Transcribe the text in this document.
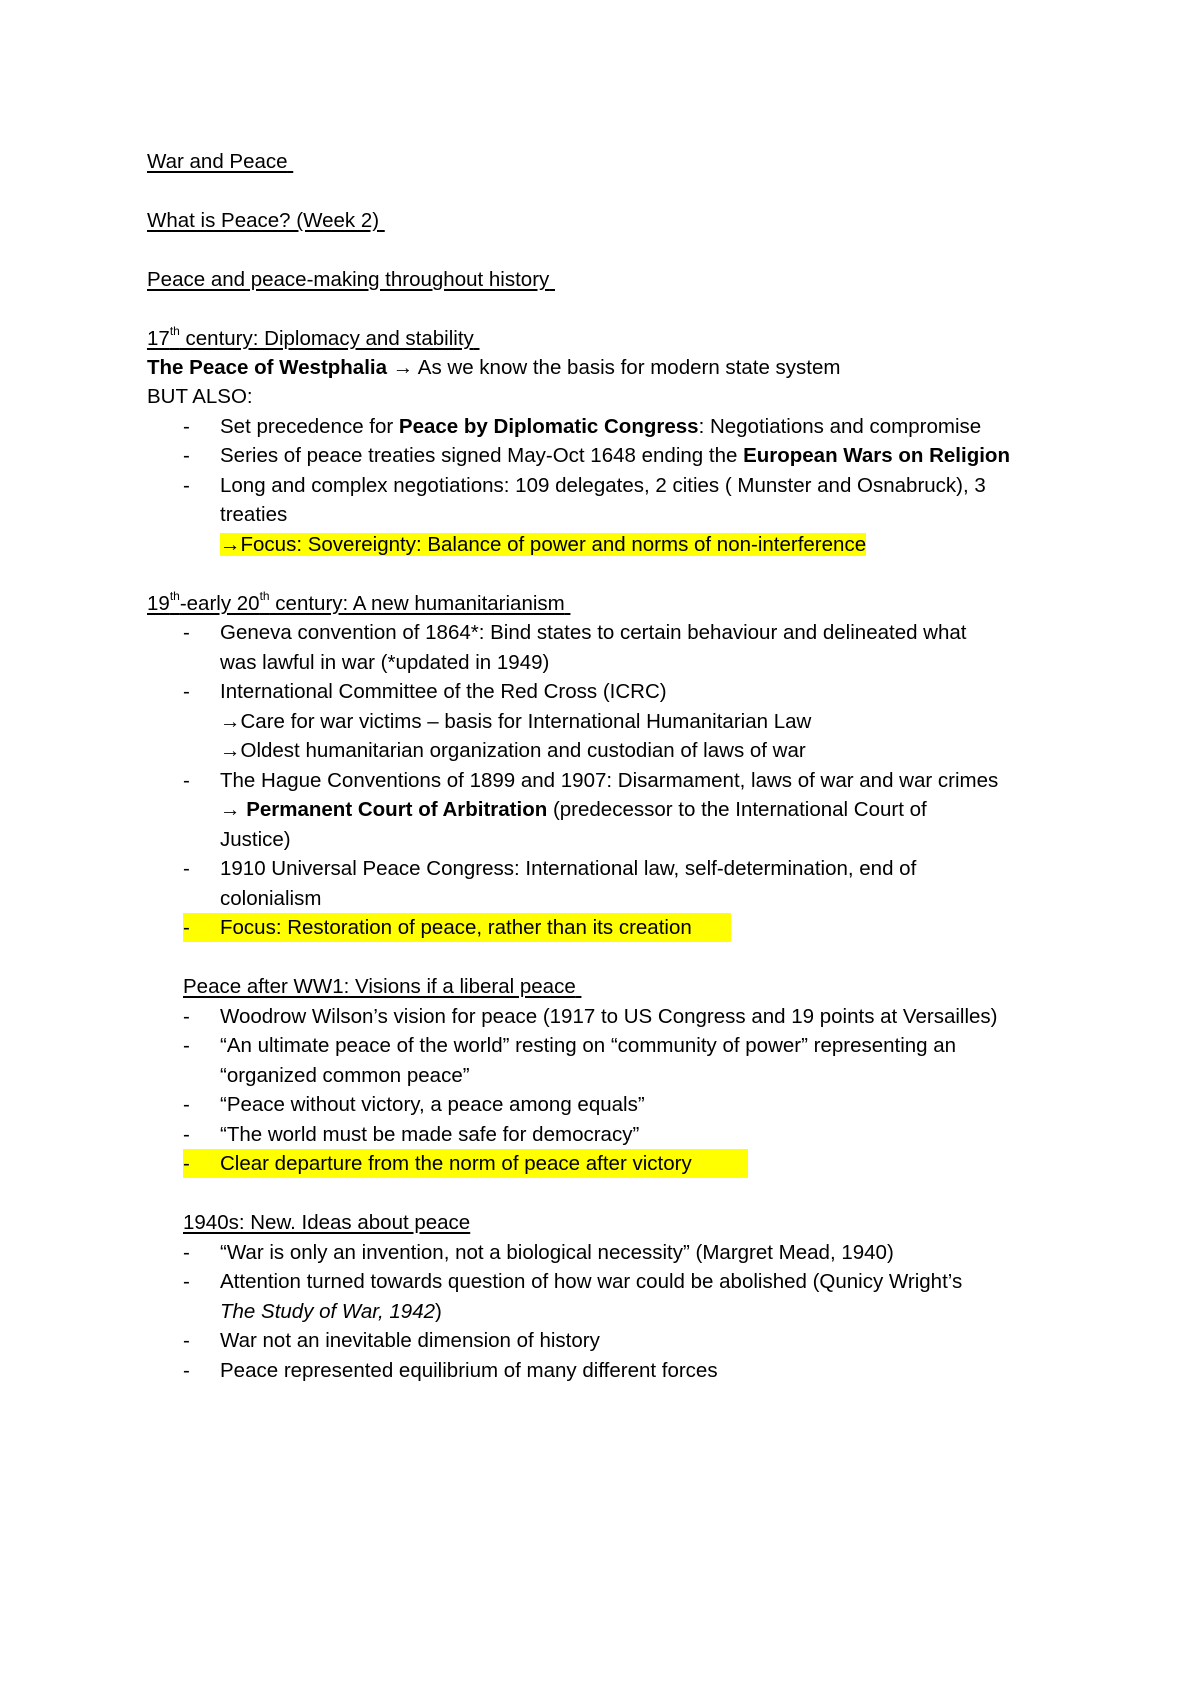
War and Peace
What is Peace? (Week 2)
Peace and peace-making throughout history
17th century: Diplomacy and stability
The Peace of Westphalia → As we know the basis for modern state system
BUT ALSO:
- Set precedence for Peace by Diplomatic Congress: Negotiations and compromise
- Series of peace treaties signed May-Oct 1648 ending the European Wars on Religion
- Long and complex negotiations: 109 delegates, 2 cities ( Munster and Osnabruck), 3
treaties
→Focus: Sovereignty: Balance of power and norms of non-interference
19th-early 20th century: A new humanitarianism
- Geneva convention of 1864*: Bind states to certain behaviour and delineated what
was lawful in war (*updated in 1949)
- International Committee of the Red Cross (ICRC)
→Care for war victims – basis for International Humanitarian Law
→Oldest humanitarian organization and custodian of laws of war
- The Hague Conventions of 1899 and 1907: Disarmament, laws of war and war crimes
→ Permanent Court of Arbitration (predecessor to the International Court of
Justice)
- 1910 Universal Peace Congress: International law, self-determination, end of
colonialism
- Focus: Restoration of peace, rather than its creation
Peace after WW1: Visions if a liberal peace
- Woodrow Wilson’s vision for peace (1917 to US Congress and 19 points at Versailles)
- “An ultimate peace of the world” resting on “community of power” representing an
“organized common peace”
- “Peace without victory, a peace among equals”
- “The world must be made safe for democracy”
- Clear departure from the norm of peace after victory
1940s: New. Ideas about peace
- “War is only an invention, not a biological necessity” (Margret Mead, 1940)
- Attention turned towards question of how war could be abolished (Qunicy Wright’s
The Study of War, 1942)
- War not an inevitable dimension of history
- Peace represented equilibrium of many different forces
